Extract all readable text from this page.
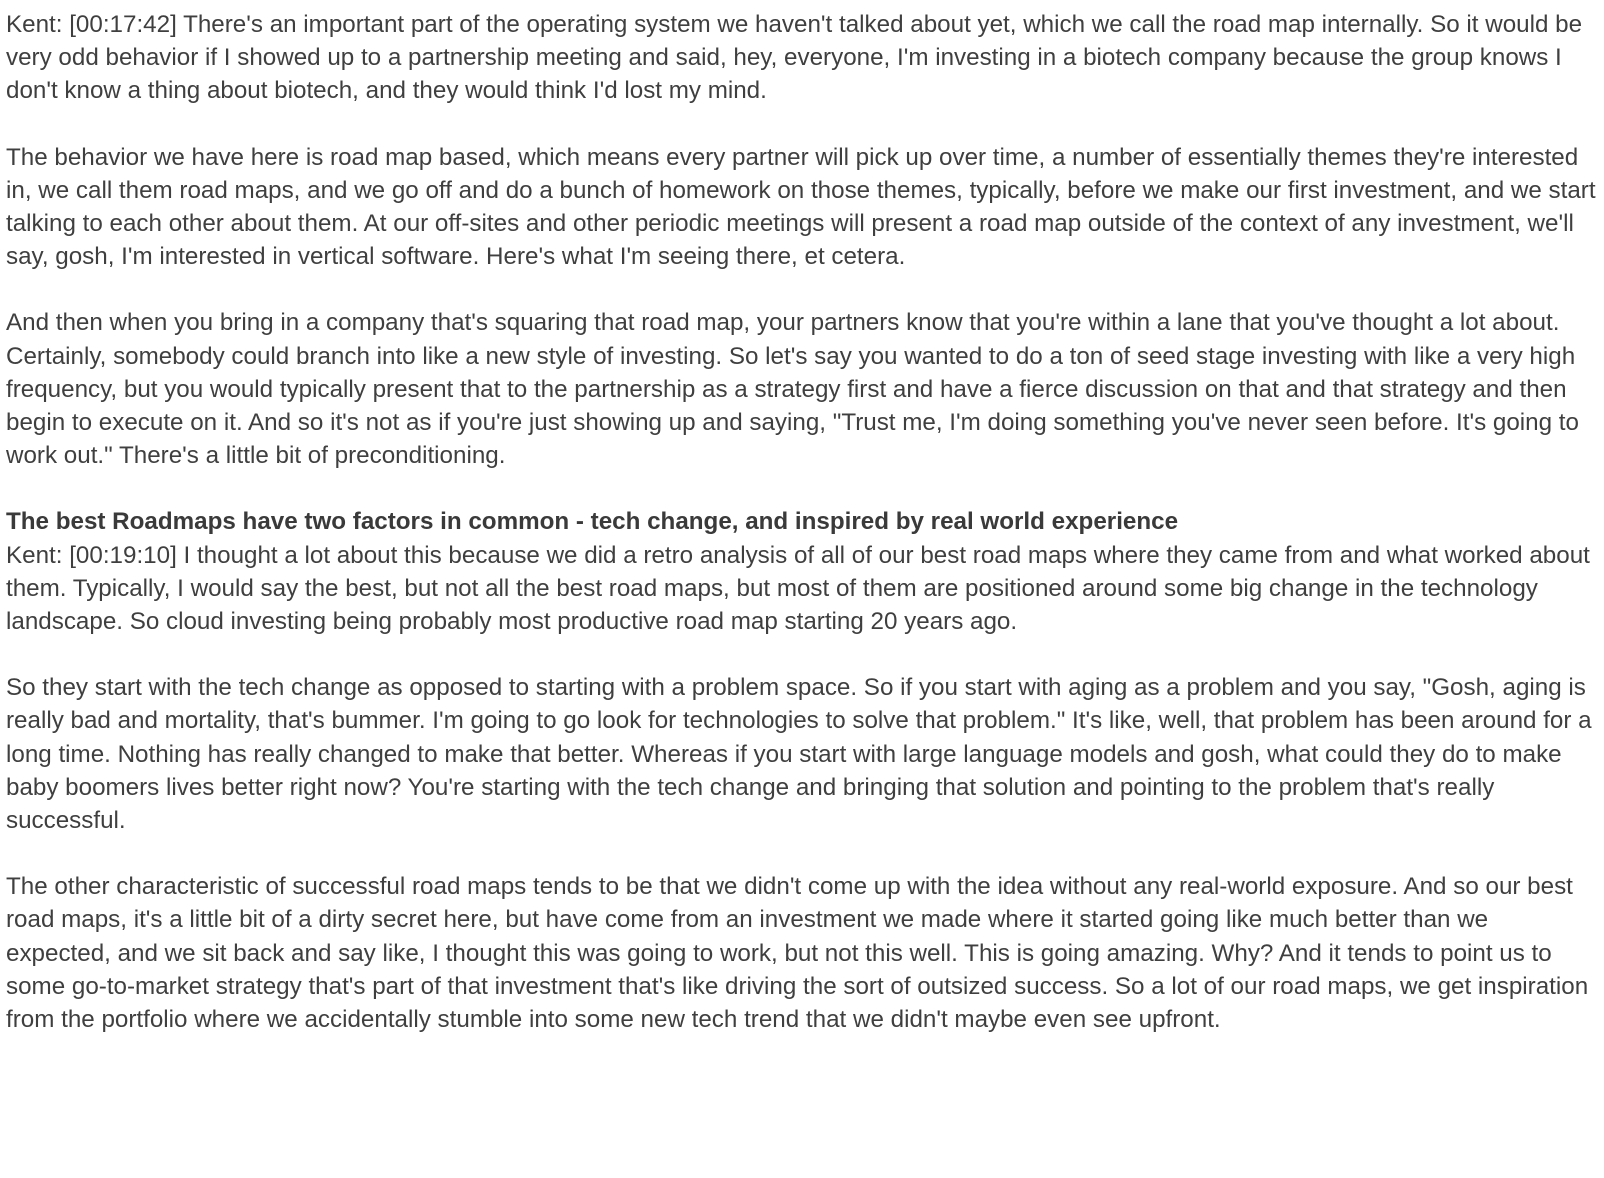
Kent: [00:17:42] There's an important part of the operating system we haven't talked about yet, which we call the road map internally. So it would be very odd behavior if I showed up to a partnership meeting and said, hey, everyone, I'm investing in a biotech company because the group knows I don't know a thing about biotech, and they would think I'd lost my mind.

The behavior we have here is road map based, which means every partner will pick up over time, a number of essentially themes they're interested in, we call them road maps, and we go off and do a bunch of homework on those themes, typically, before we make our first investment, and we start talking to each other about them. At our off-sites and other periodic meetings will present a road map outside of the context of any investment, we'll say, gosh, I'm interested in vertical software. Here's what I'm seeing there, et cetera.

And then when you bring in a company that's squaring that road map, your partners know that you're within a lane that you've thought a lot about. Certainly, somebody could branch into like a new style of investing. So let's say you wanted to do a ton of seed stage investing with like a very high frequency, but you would typically present that to the partnership as a strategy first and have a fierce discussion on that and that strategy and then begin to execute on it. And so it's not as if you're just showing up and saying, "Trust me, I'm doing something you've never seen before. It's going to work out." There's a little bit of preconditioning.

The best Roadmaps have two factors in common - tech change, and inspired by real world experience

Kent: [00:19:10] I thought a lot about this because we did a retro analysis of all of our best road maps where they came from and what worked about them. Typically, I would say the best, but not all the best road maps, but most of them are positioned around some big change in the technology landscape. So cloud investing being probably most productive road map starting 20 years ago.

So they start with the tech change as opposed to starting with a problem space. So if you start with aging as a problem and you say, "Gosh, aging is really bad and mortality, that's bummer. I'm going to go look for technologies to solve that problem." It's like, well, that problem has been around for a long time. Nothing has really changed to make that better. Whereas if you start with large language models and gosh, what could they do to make baby boomers lives better right now? You're starting with the tech change and bringing that solution and pointing to the problem that's really successful.

The other characteristic of successful road maps tends to be that we didn't come up with the idea without any real-world exposure. And so our best road maps, it's a little bit of a dirty secret here, but have come from an investment we made where it started going like much better than we expected, and we sit back and say like, I thought this was going to work, but not this well. This is going amazing. Why? And it tends to point us to some go-to-market strategy that's part of that investment that's like driving the sort of outsized success. So a lot of our road maps, we get inspiration from the portfolio where we accidentally stumble into some new tech trend that we didn't maybe even see upfront.
